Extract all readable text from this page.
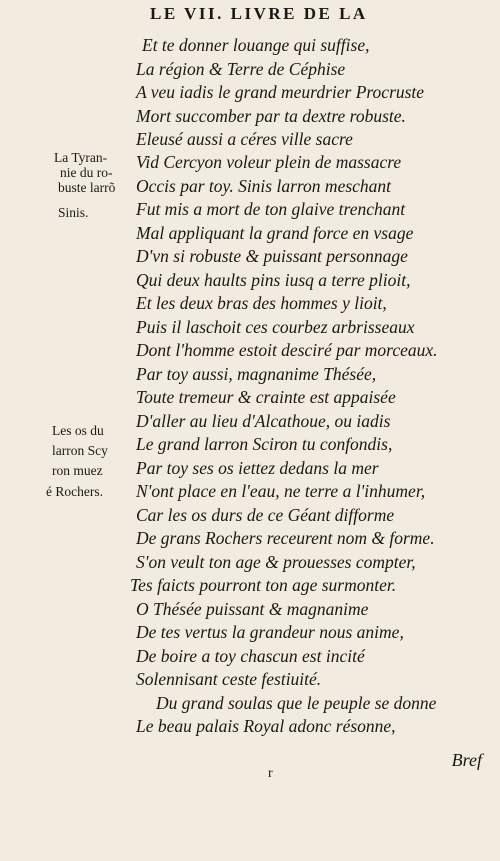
LE VII. LIVRE DE LA
Et te donner louange qui suffise,
La région & Terre de Céphise
A veu iadis le grand meurdrier Procruste
Mort succomber par ta dextre robuste.
Eleusé aussi a céres ville sacre
Vid Cercyon voleur plein de massacre
Occis par toy. Sinis larron meschant
Fut mis a mort de ton glaive trenchant
Mal appliquant la grand force en vsage
D'vn si robuste & puissant personnage
Qui deux haults pins iusq a terre plioit,
Et les deux bras des hommes y lioit,
Puis il laschoit ces courbez arbrisseaux
Dont l'homme estoit desciré par morceaux.
Par toy aussi, magnanime Thésée,
Toute tremeur & crainte est appaisée
D'aller au lieu d'Alcathoue, ou iadis
Le grand larron Sciron tu confondis,
Par toy ses os iettez dedans la mer
N'ont place en l'eau, ne terre a l'inhumer,
Car les os durs de ce Géant difforme
De grans Rochers receurent nom & forme.
S'on veult ton age & prouesses compter,
Tes faicts pourront ton age surmonter.
O Thésée puissant & magnanime
De tes vertus la grandeur nous anime,
De boire a toy chascun est incité
Solennisant ceste festiuité.
Du grand soulas que le peuple se donne
Le beau palais Royal adonc résonne,
La Tyran-
nie du ro-
buste larrõ
Sinis.
Les os du
larron Scy
ron muez
é Rochers.
Bref
r
